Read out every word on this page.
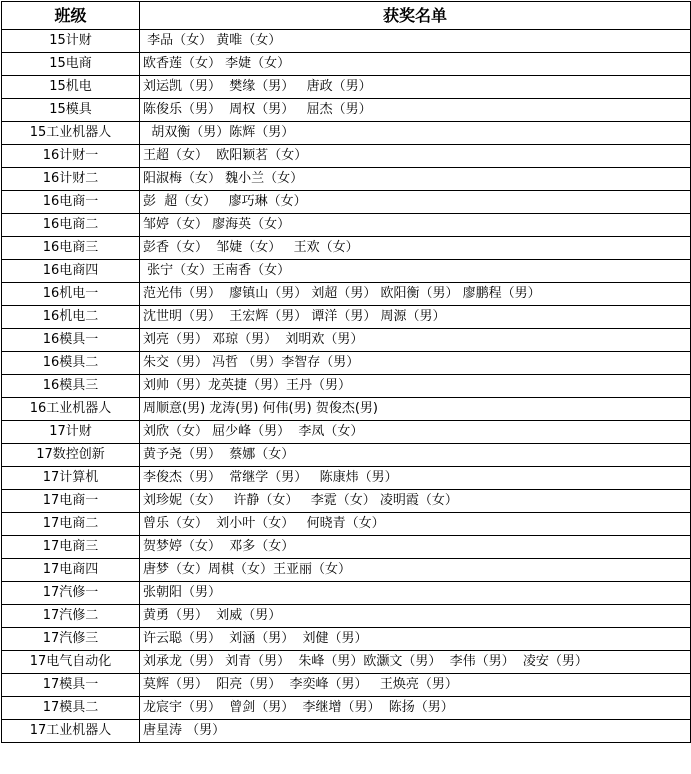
班级	获奖名单
15计财	李品（女） 黄唯（女）
15电商	欧香莲（女） 李婕（女）
15机电	刘运凯（男）  樊缘（男）   唐政（男）
15模具	陈俊乐（男）  周权（男）   屈杰（男）
15工业机器人	胡双衡（男）陈辉（男）
16计财一	王超（女）  欧阳颖茗（女）
16计财二	阳淑梅（女） 魏小兰（女）
16电商一	彭  超（女）   廖巧琳（女）
16电商二	邹婷（女） 廖海英（女）
16电商三	彭香（女）  邹婕（女）   王欢（女）
16电商四	张宁（女）王南香（女）
16机电一	范光伟（男）  廖镇山（男） 刘超（男） 欧阳衡（男） 廖鹏程（男）
16机电二	沈世明（男）  王宏辉（男） 谭洋（男） 周源（男）
16模具一	刘亮（男） 邓琼（男）  刘明欢（男）
16模具二	朱交（男） 冯哲 （男）李智存（男）
16模具三	刘帅（男）龙英捷（男）王丹（男）
16工业机器人	周顺意(男) 龙涛(男) 何伟(男) 贺俊杰(男)
17计财	刘欣（女） 屈少峰（男）  李凤（女）
17数控创新	黄予尧（男）  蔡娜（女）
17计算机	李俊杰（男）  常继学（男）   陈康炜（男）
17电商一	刘珍妮（女）   许静（女）   李霓（女） 凌明霞（女）
17电商二	曾乐（女）  刘小叶（女）   何晓青（女）
17电商三	贺梦婷（女）  邓多（女）
17电商四	唐梦（女）周棋（女）王亚丽（女）
17汽修一	张朝阳（男）
17汽修二	黄勇（男）  刘威（男）
17汽修三	许云聪（男）  刘涵（男）  刘健（男）
17电气自动化	刘承龙（男） 刘青（男）  朱峰（男）欧灏文（男）  李伟（男）  凌安（男）
17模具一	莫辉（男）  阳亮（男）  李奕峰（男）   王焕亮（男）
17模具二	龙宸宇（男）  曾剑（男）  李继增（男）  陈扬（男）
17工业机器人	唐星涛 （男）
